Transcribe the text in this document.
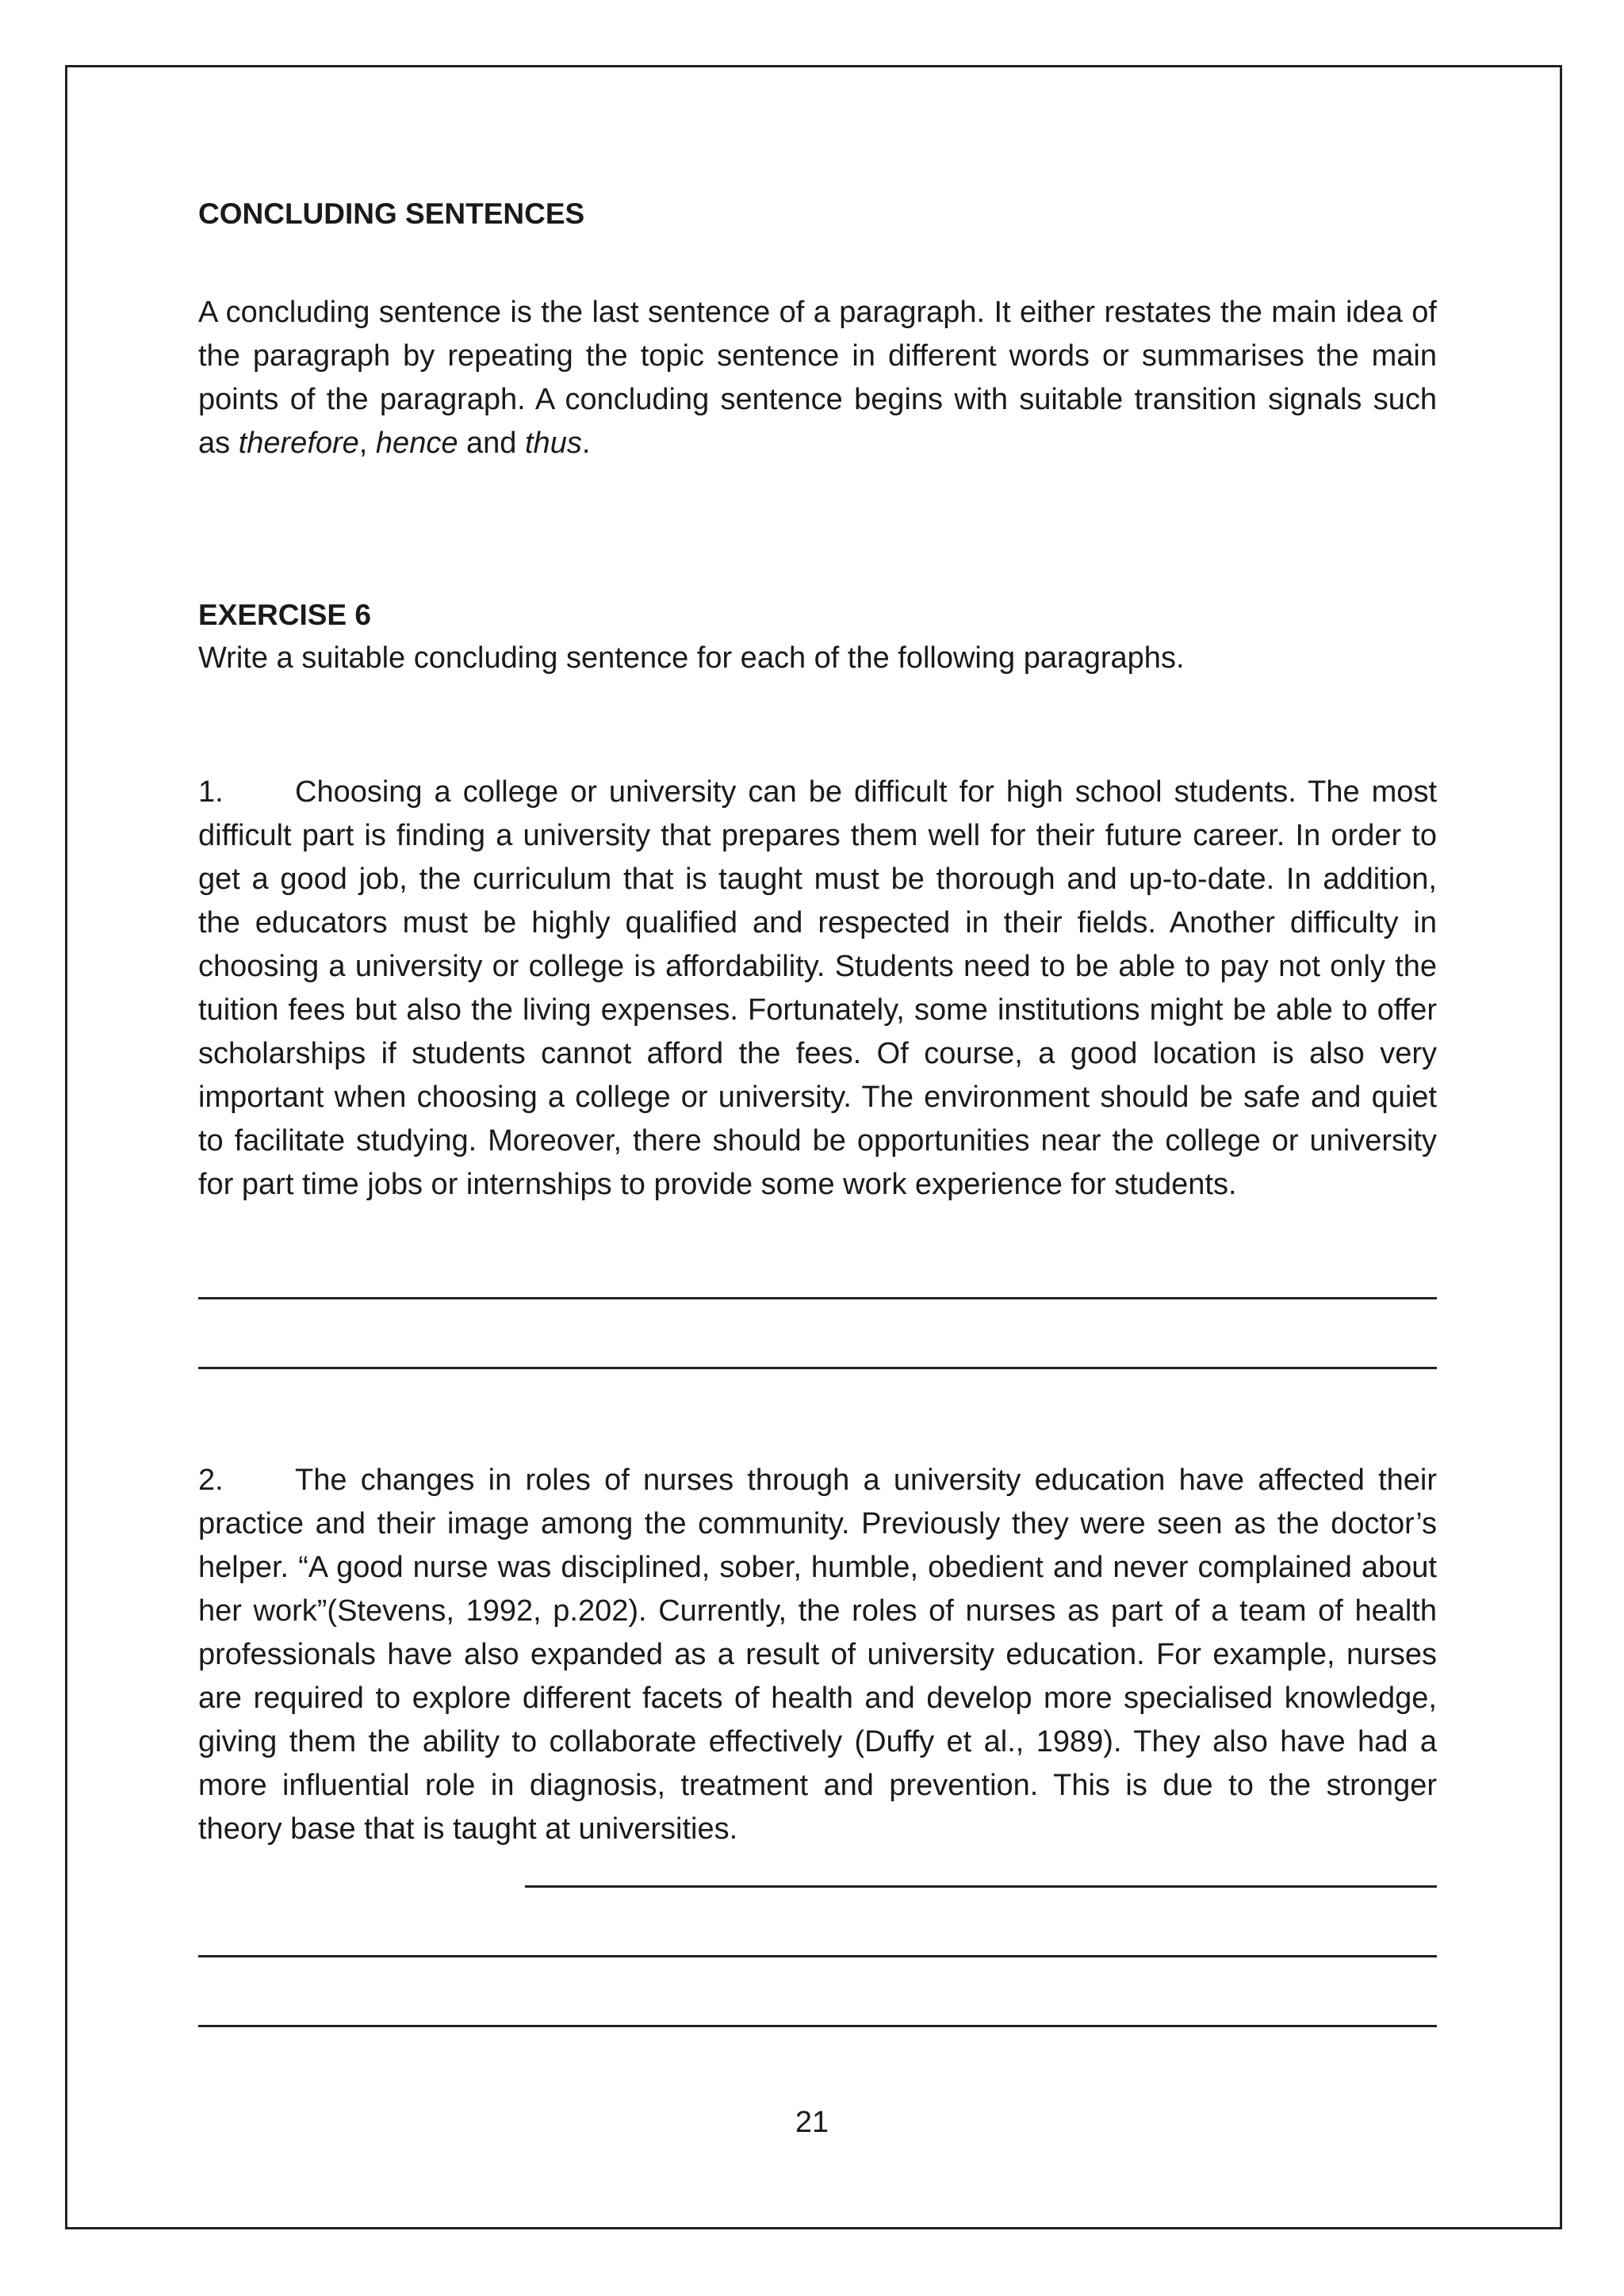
CONCLUDING SENTENCES

A concluding sentence is the last sentence of a paragraph. It either restates the main idea of the paragraph by repeating the topic sentence in different words or summarises the main points of the paragraph. A concluding sentence begins with suitable transition signals such as therefore, hence and thus.

EXERCISE 6

Write a suitable concluding sentence for each of the following paragraphs.

1. Choosing a college or university can be difficult for high school students. The most difficult part is finding a university that prepares them well for their future career. In order to get a good job, the curriculum that is taught must be thorough and up-to-date. In addition, the educators must be highly qualified and respected in their fields. Another difficulty in choosing a university or college is affordability. Students need to be able to pay not only the tuition fees but also the living expenses. Fortunately, some institutions might be able to offer scholarships if students cannot afford the fees. Of course, a good location is also very important when choosing a college or university. The environment should be safe and quiet to facilitate studying. Moreover, there should be opportunities near the college or university for part time jobs or internships to provide some work experience for students.

2. The changes in roles of nurses through a university education have affected their practice and their image among the community. Previously they were seen as the doctor’s helper. “A good nurse was disciplined, sober, humble, obedient and never complained about her work”(Stevens, 1992, p.202). Currently, the roles of nurses as part of a team of health professionals have also expanded as a result of university education. For example, nurses are required to explore different facets of health and develop more specialised knowledge, giving them the ability to collaborate effectively (Duffy et al., 1989). They also have had a more influential role in diagnosis, treatment and prevention. This is due to the stronger theory base that is taught at universities.

21
